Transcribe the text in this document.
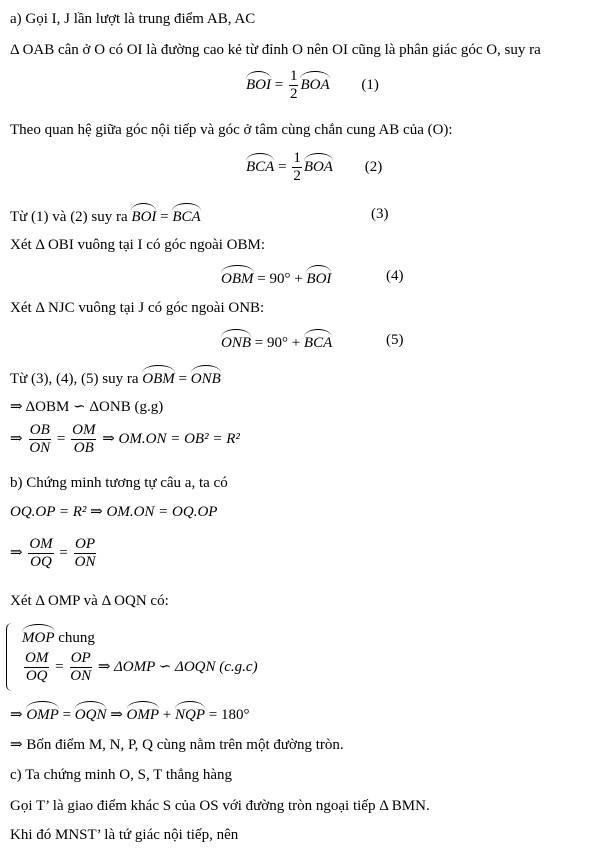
a) Gọi I, J lần lượt là trung điểm AB, AC
Δ OAB cân ở O có OI là đường cao kẻ từ đỉnh O nên OI cũng là phân giác góc O, suy ra
BOI = $\frac{1}{2}$ BOA (1)
Theo quan hệ giữa góc nội tiếp và góc ở tâm cùng chắn cung AB của (O):
BCA = $\frac{1}{2}$ BOA (2)
Từ (1) và (2) suy ra BOI = BCA	(3)
Xét Δ OBI vuông tại I có góc ngoài OBM:
OBM = 90° + BOI	(4)
Xét Δ NJC vuông tại J có góc ngoài ONB:
ONB = 90° + BCA	(5)
Từ (3), (4), (5) suy ra OBM = ONB
⇒ ΔOBM ∽ ΔONB (g.g)
⇒ $\frac{OB}{ON} = \frac{OM}{OB}$ ⇒ OM.ON = OB² = R²
b) Chứng minh tương tự câu a, ta có
OQ.OP = R² ⇒ OM.ON = OQ.OP
⇒ $\frac{OM}{OQ} = \frac{OP}{ON}$
Xét Δ OMP và Δ OQN có:
MOP chung
$\frac{OM}{OQ} = \frac{OP}{ON}$ ⇒ ΔOMP ∽ ΔOQN (c.g.c)
⇒ OMP = OQN ⇒ OMP + NQP = 180°
⇒ Bốn điểm M, N, P, Q cùng nằm trên một đường tròn.
c) Ta chứng minh O, S, T thẳng hàng
Gọi T’ là giao điểm khác S của OS với đường tròn ngoại tiếp Δ BMN.
Khi đó MNST’ là tứ giác nội tiếp, nên
